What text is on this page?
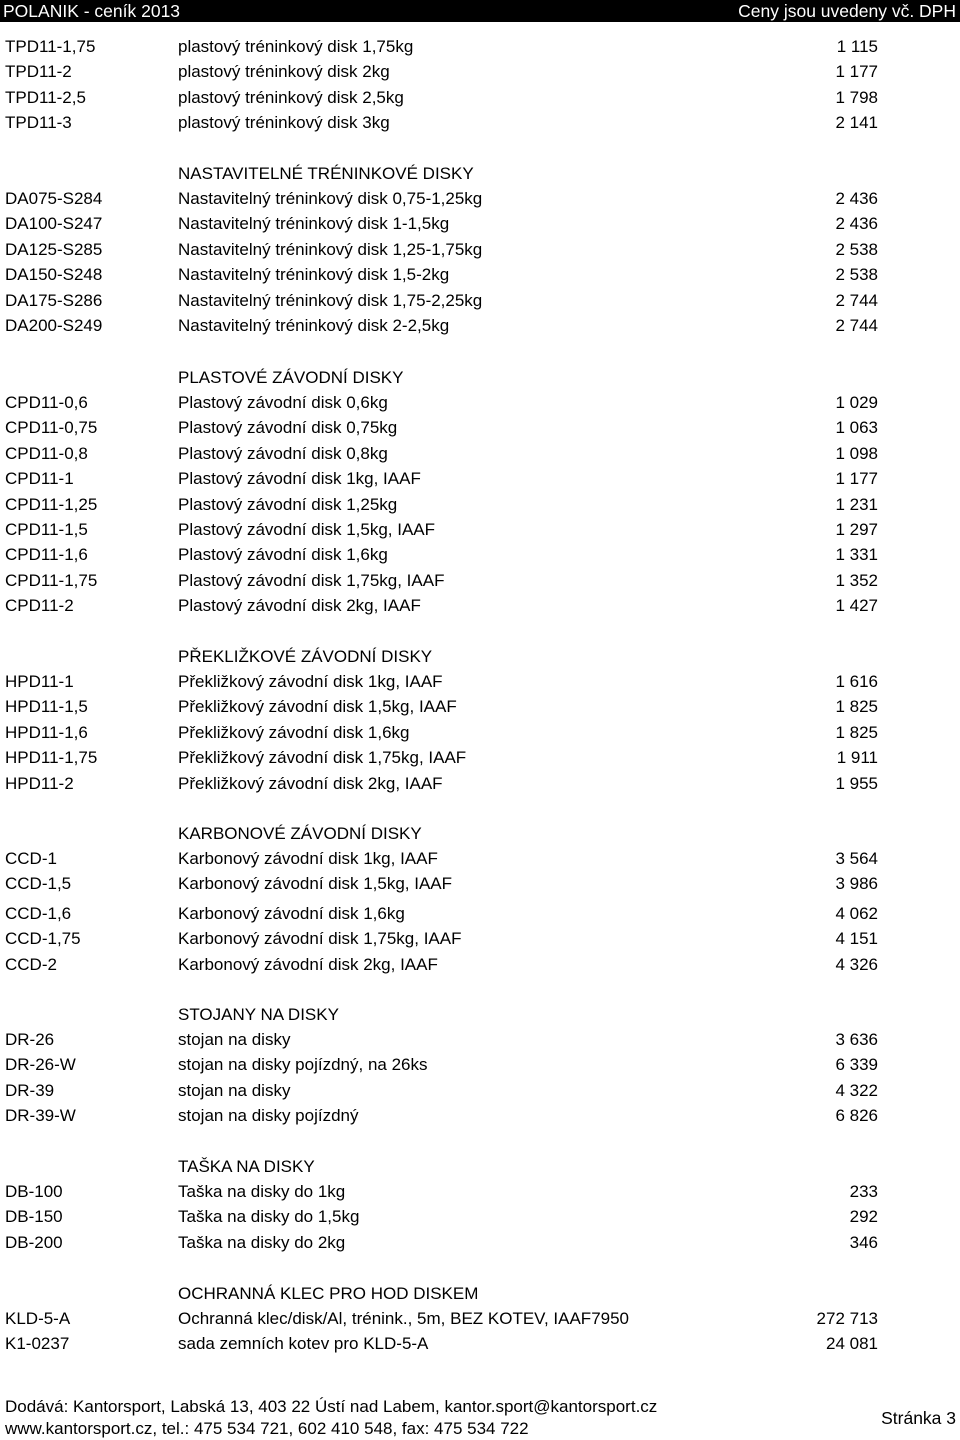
POLANIK - ceník 2013	Ceny jsou uvedeny vč. DPH
TPD11-1,75	plastový tréninkový disk 1,75kg	1 115
TPD11-2	plastový tréninkový disk 2kg	1 177
TPD11-2,5	plastový tréninkový disk 2,5kg	1 798
TPD11-3	plastový tréninkový disk 3kg	2 141
NASTAVITELNÉ TRÉNINKOVÉ DISKY
DA075-S284	Nastavitelný tréninkový disk 0,75-1,25kg	2 436
DA100-S247	Nastavitelný tréninkový disk 1-1,5kg	2 436
DA125-S285	Nastavitelný tréninkový disk 1,25-1,75kg	2 538
DA150-S248	Nastavitelný tréninkový disk 1,5-2kg	2 538
DA175-S286	Nastavitelný tréninkový disk 1,75-2,25kg	2 744
DA200-S249	Nastavitelný tréninkový disk 2-2,5kg	2 744
PLASTOVÉ ZÁVODNÍ DISKY
CPD11-0,6	Plastový závodní disk 0,6kg	1 029
CPD11-0,75	Plastový závodní disk 0,75kg	1 063
CPD11-0,8	Plastový závodní disk 0,8kg	1 098
CPD11-1	Plastový závodní disk 1kg, IAAF	1 177
CPD11-1,25	Plastový závodní disk 1,25kg	1 231
CPD11-1,5	Plastový závodní disk 1,5kg, IAAF	1 297
CPD11-1,6	Plastový závodní disk 1,6kg	1 331
CPD11-1,75	Plastový závodní disk 1,75kg, IAAF	1 352
CPD11-2	Plastový závodní disk 2kg, IAAF	1 427
PŘEKLIŽKOVÉ ZÁVODNÍ DISKY
HPD11-1	Překližkový závodní disk 1kg, IAAF	1 616
HPD11-1,5	Překližkový závodní disk 1,5kg, IAAF	1 825
HPD11-1,6	Překližkový závodní disk 1,6kg	1 825
HPD11-1,75	Překližkový závodní disk 1,75kg, IAAF	1 911
HPD11-2	Překližkový závodní disk 2kg, IAAF	1 955
KARBONOVÉ ZÁVODNÍ DISKY
CCD-1	Karbonový závodní disk 1kg, IAAF	3 564
CCD-1,5	Karbonový závodní disk 1,5kg, IAAF	3 986
CCD-1,6	Karbonový závodní disk 1,6kg	4 062
CCD-1,75	Karbonový závodní disk 1,75kg, IAAF	4 151
CCD-2	Karbonový závodní disk 2kg, IAAF	4 326
STOJANY NA DISKY
DR-26	stojan na disky	3 636
DR-26-W	stojan na disky pojízdný, na 26ks	6 339
DR-39	stojan na disky	4 322
DR-39-W	stojan na disky pojízdný	6 826
TAŠKA NA DISKY
DB-100	Taška na disky do 1kg	233
DB-150	Taška na disky do 1,5kg	292
DB-200	Taška na disky do 2kg	346
OCHRANNÁ KLEC PRO HOD DISKEM
KLD-5-A	Ochranná klec/disk/Al, trénink., 5m, BEZ KOTEV, IAAF7950	272 713
K1-0237	sada zemních kotev pro KLD-5-A	24 081
Dodává: Kantorsport, Labská 13, 403 22 Ústí nad Labem, kantor.sport@kantorsport.cz
www.kantorsport.cz, tel.: 475 534 721, 602 410 548, fax: 475 534 722
Stránka 3
